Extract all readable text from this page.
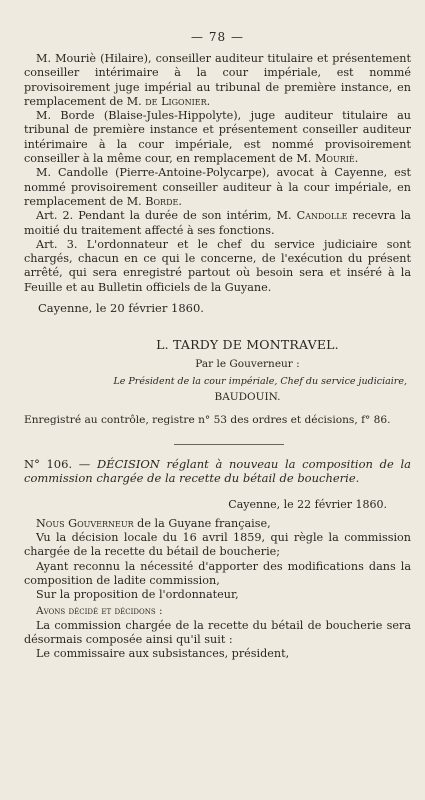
— 78 —

M. Mouriè (Hilaire), conseiller auditeur titulaire et présentement conseiller intérimaire à la cour impériale, est nommé provisoirement juge impérial au tribunal de première instance, en remplacement de M. de Ligonier.

M. Borde (Blaise-Jules-Hippolyte), juge auditeur titulaire au tribunal de première instance et présentement conseiller auditeur intérimaire à la cour impériale, est nommé provisoirement conseiller à la même cour, en remplacement de M. Mouriè.

M. Candolle (Pierre-Antoine-Polycarpe), avocat à Cayenne, est nommé provisoirement conseiller auditeur à la cour impériale, en remplacement de M. Borde.

Art. 2. Pendant la durée de son intérim, M. Candolle recevra la moitié du traitement affecté à ses fonctions.

Art. 3. L'ordonnateur et le chef du service judiciaire sont chargés, chacun en ce qui le concerne, de l'exécution du présent arrêté, qui sera enregistré partout où besoin sera et inséré à la Feuille et au Bulletin officiels de la Guyane.

Cayenne, le 20 février 1860.

L. TARDY DE MONTRAVEL.
Par le Gouverneur :
Le Président de la cour impériale, Chef du service judiciaire,
BAUDOUIN.

Enregistré au contrôle, registre n° 53 des ordres et décisions, f° 86.

N° 106. — DÉCISION réglant à nouveau la composition de la commission chargée de la recette du bétail de boucherie.

Cayenne, le 22 février 1860.

Nous Gouverneur de la Guyane française,

Vu la décision locale du 16 avril 1859, qui règle la commission chargée de la recette du bétail de boucherie;

Ayant reconnu la nécessité d'apporter des modifications dans la composition de ladite commission,

Sur la proposition de l'ordonnateur,

Avons décidé et décidons :

La commission chargée de la recette du bétail de boucherie sera désormais composée ainsi qu'il suit :

Le commissaire aux subsistances, président,
